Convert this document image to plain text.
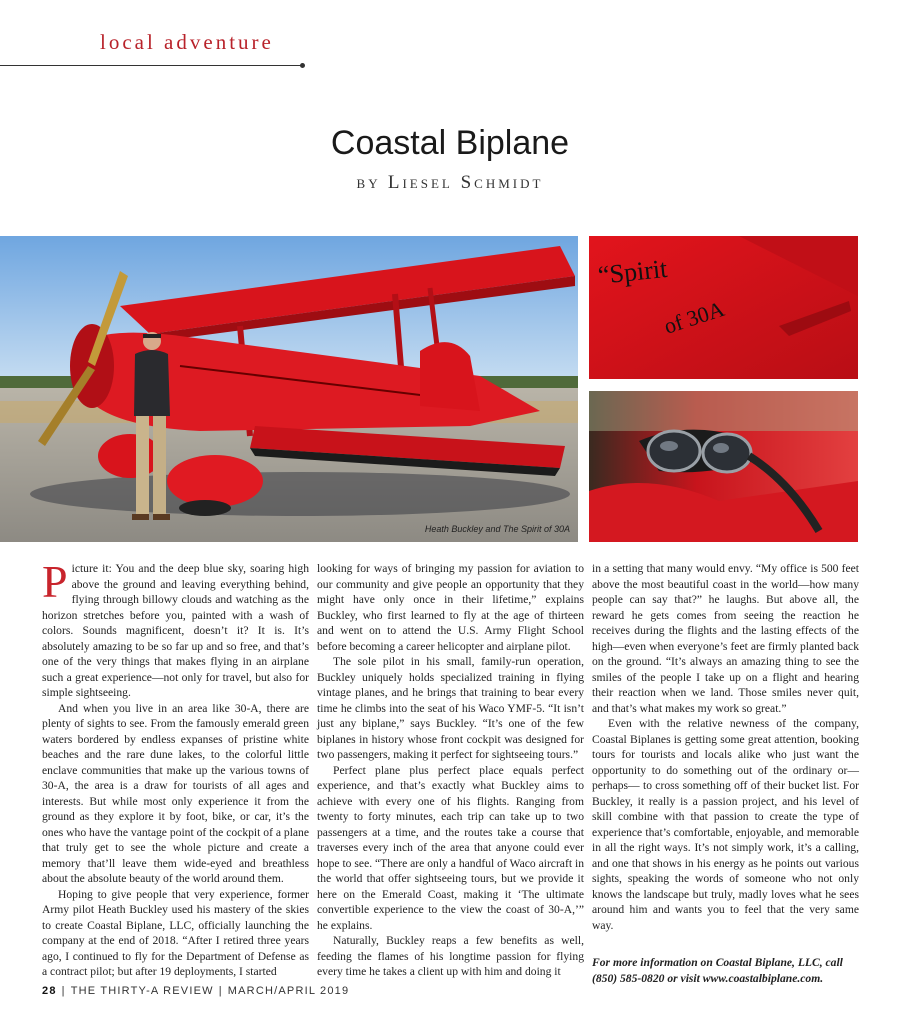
local adventure
Coastal Biplane
BY Liesel Schmidt
Heath Buckley and The Spirit of 30A
“Spirit
of 30A

Picture it: You and the deep blue sky, soaring high above the ground and leaving everything behind, flying through billowy clouds and watching as the horizon stretches before you, painted with a wash of colors. Sounds magnificent, doesn’t it? It is. It’s absolutely amazing to be so far up and so free, and that’s one of the very things that makes flying in an airplane such a great experience—not only for travel, but also for simple sightseeing.

And when you live in an area like 30-A, there are plenty of sights to see. From the famously emerald green waters bordered by endless expanses of pristine white beaches and the rare dune lakes, to the colorful little enclave communities that make up the various towns of 30-A, the area is a draw for tourists of all ages and interests. But while most only experience it from the ground as they explore it by foot, bike, or car, it’s the ones who have the vantage point of the cockpit of a plane that truly get to see the whole picture and create a memory that’ll leave them wide-eyed and breathless about the absolute beauty of the world around them.

Hoping to give people that very experience, former Army pilot Heath Buckley used his mastery of the skies to create Coastal Biplane, LLC, officially launching the company at the end of 2018. “After I retired three years ago, I continued to fly for the Department of Defense as a contract pilot; but after 19 deployments, I started

looking for ways of bringing my passion for aviation to our community and give people an opportunity that they might have only once in their lifetime,” explains Buckley, who first learned to fly at the age of thirteen and went on to attend the U.S. Army Flight School before becoming a career helicopter and airplane pilot.

The sole pilot in his small, family-run operation, Buckley uniquely holds specialized training in flying vintage planes, and he brings that training to bear every time he climbs into the seat of his Waco YMF-5. “It isn’t just any biplane,” says Buckley. “It’s one of the few biplanes in history whose front cockpit was designed for two passengers, making it perfect for sightseeing tours.”

Perfect plane plus perfect place equals perfect experience, and that’s exactly what Buckley aims to achieve with every one of his flights. Ranging from twenty to forty minutes, each trip can take up to two passengers at a time, and the routes take a course that traverses every inch of the area that anyone could ever hope to see. “There are only a handful of Waco aircraft in the world that offer sightseeing tours, but we provide it here on the Emerald Coast, making it ‘The ultimate convertible experience to the view the coast of 30-A,’” he explains.

Naturally, Buckley reaps a few benefits as well, feeding the flames of his longtime passion for flying every time he takes a client up with him and doing it

in a setting that many would envy. “My office is 500 feet above the most beautiful coast in the world—how many people can say that?” he laughs. But above all, the reward he gets comes from seeing the reaction he receives during the flights and the lasting effects of the high—even when everyone’s feet are firmly planted back on the ground. “It’s always an amazing thing to see the smiles of the people I take up on a flight and hearing their reaction when we land. Those smiles never quit, and that’s what makes my work so great.”

Even with the relative newness of the company, Coastal Biplanes is getting some great attention, booking tours for tourists and locals alike who just want the opportunity to do something out of the ordinary or—perhaps— to cross something off of their bucket list. For Buckley, it really is a passion project, and his level of skill combine with that passion to create the type of experience that’s comfortable, enjoyable, and memorable in all the right ways. It’s not simply work, it’s a calling, and one that shows in his energy as he points out various sights, speaking the words of someone who not only knows the landscape but truly, madly loves what he sees around him and wants you to feel that the very same way.

For more information on Coastal Biplane, LLC, call (850) 585-0820 or visit www.coastalbiplane.com.

28 | THE THIRTY-A REVIEW | MARCH/APRIL 2019
